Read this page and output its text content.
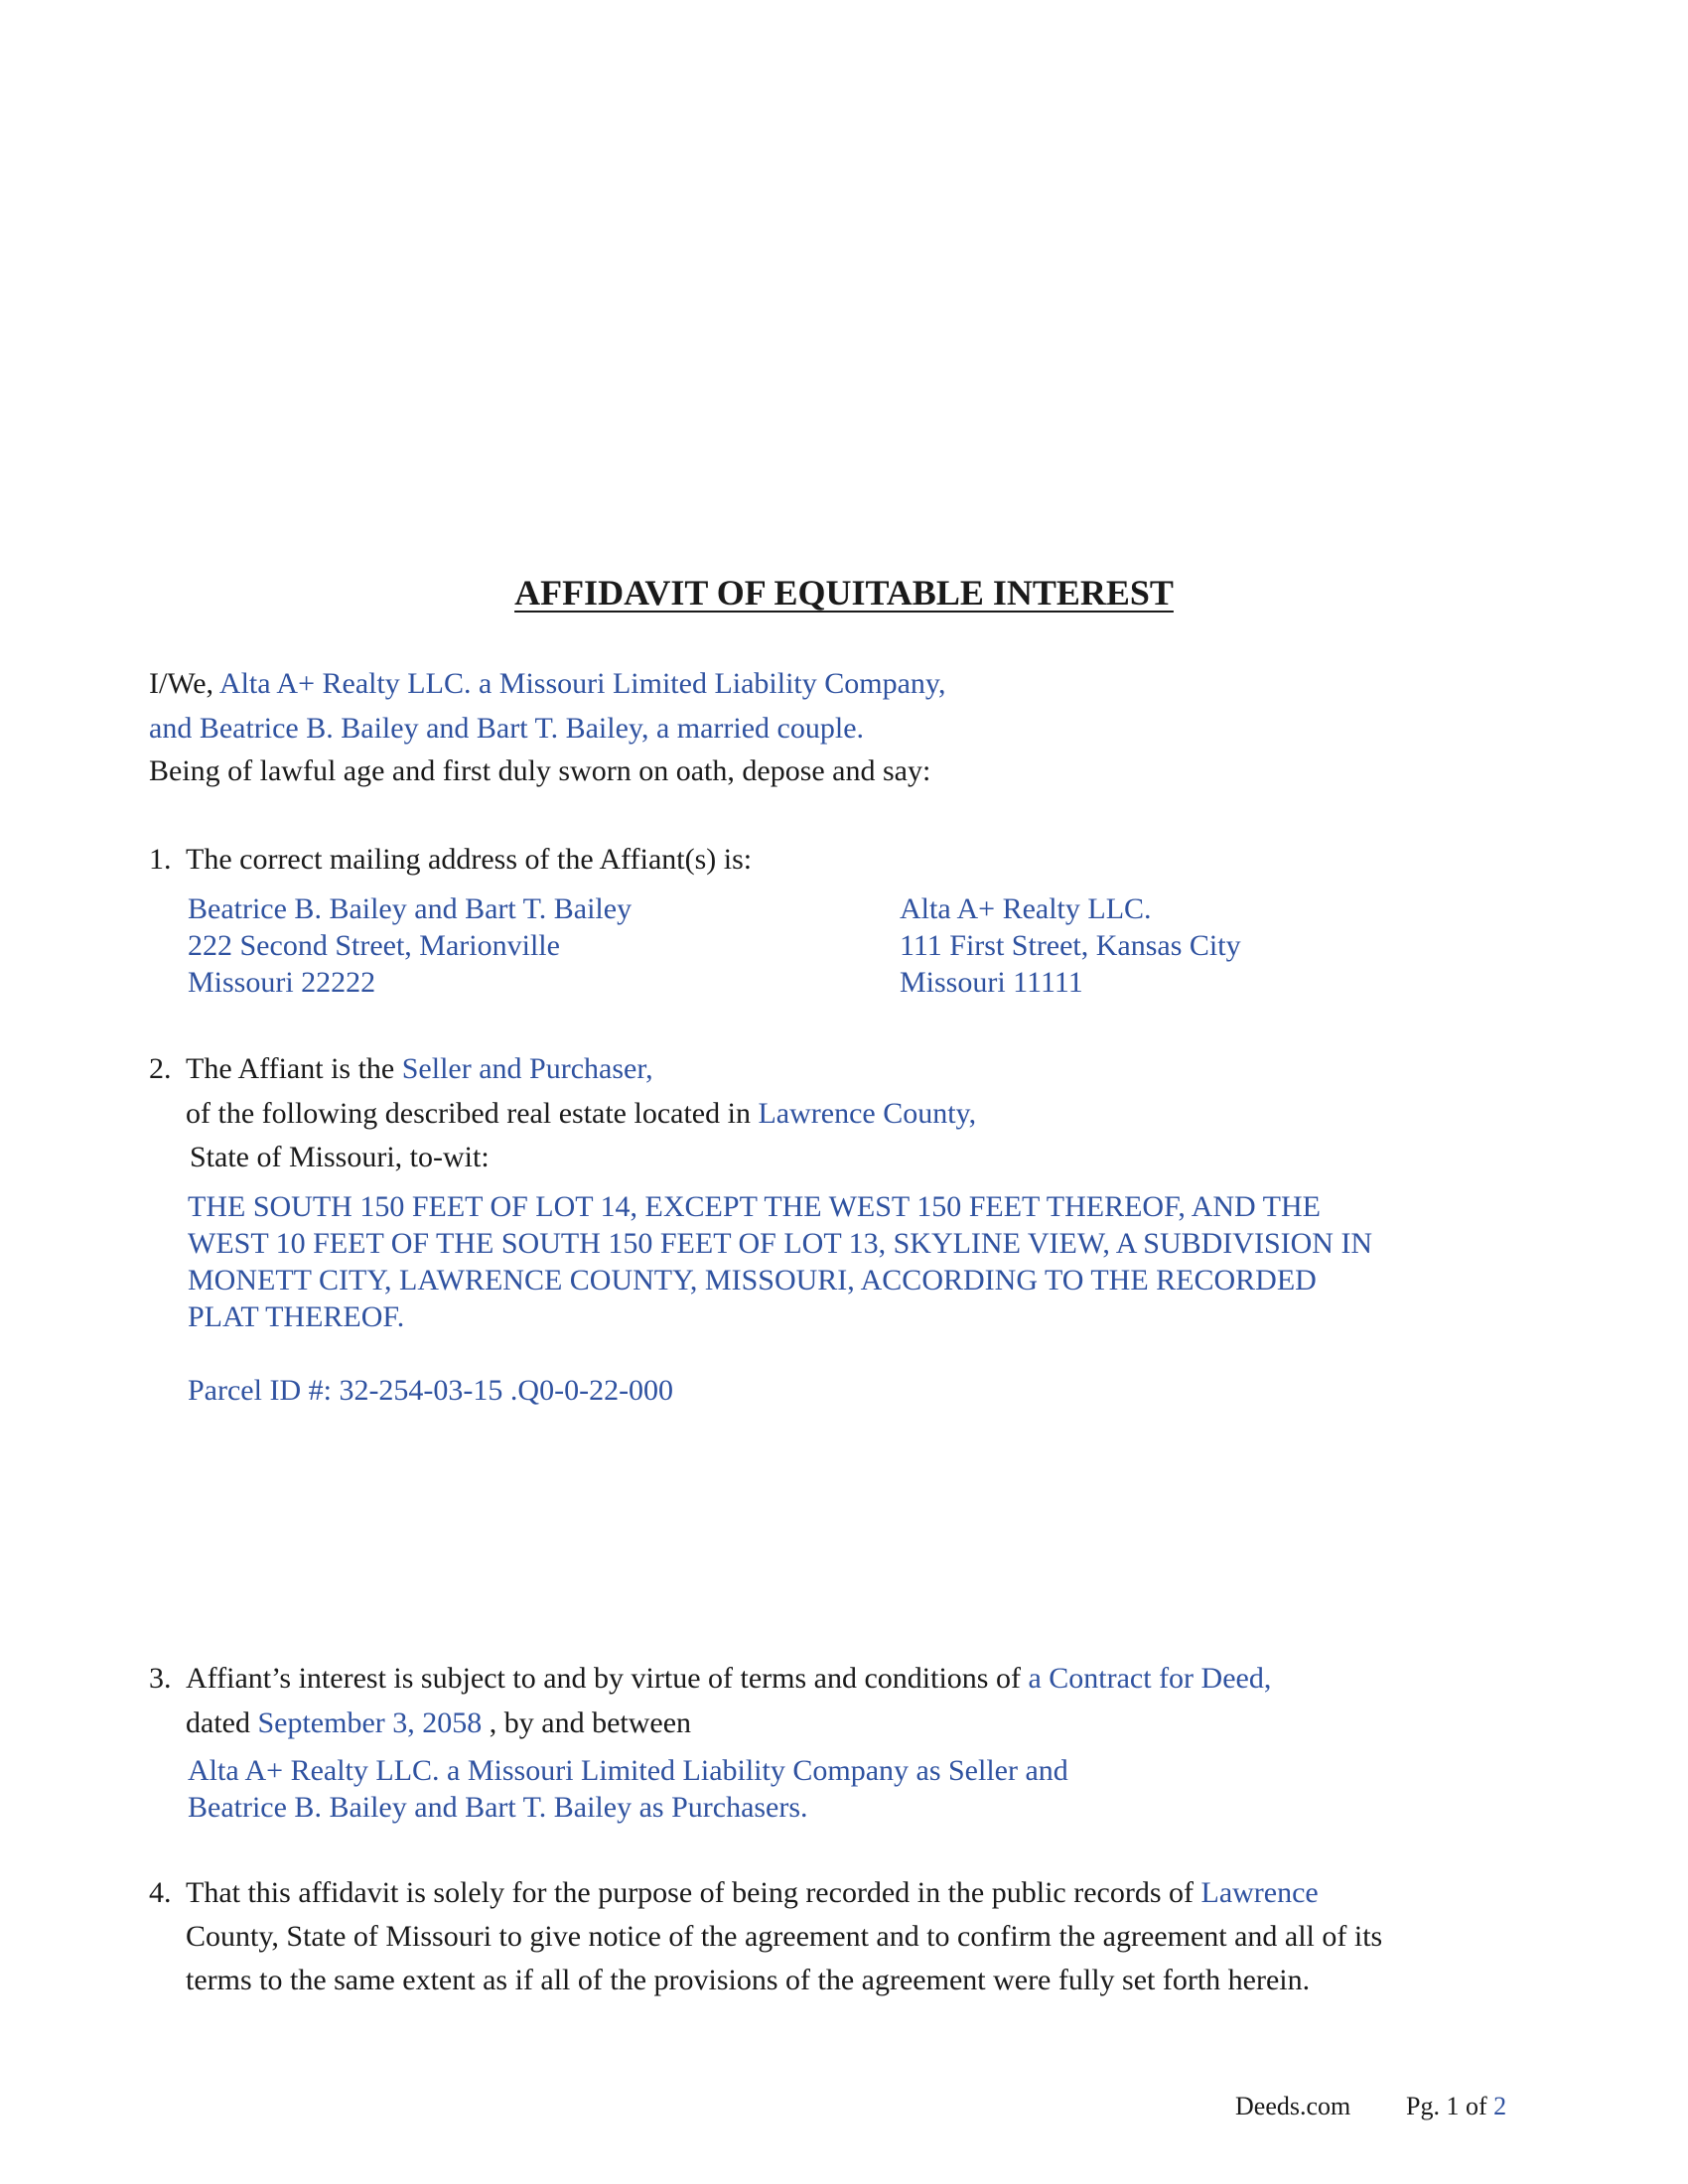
AFFIDAVIT OF EQUITABLE INTEREST
I/We, Alta A+ Realty LLC. a Missouri Limited Liability Company,
and Beatrice B. Bailey and Bart T. Bailey, a married couple.
Being of lawful age and first duly sworn on oath, depose and say:
1. The correct mailing address of the Affiant(s) is:
Beatrice B. Bailey and Bart T. Bailey
222 Second Street, Marionville
Missouri 22222
Alta A+ Realty LLC.
111 First Street, Kansas City
Missouri 11111
2. The Affiant is the Seller and Purchaser,
of the following described real estate located in Lawrence County,
State of Missouri, to-wit:
THE SOUTH 150 FEET OF LOT 14, EXCEPT THE WEST 150 FEET THEREOF, AND THE
WEST 10 FEET OF THE SOUTH 150 FEET OF LOT 13, SKYLINE VIEW, A SUBDIVISION IN
MONETT CITY, LAWRENCE COUNTY, MISSOURI, ACCORDING TO THE RECORDED
PLAT THEREOF.
Parcel ID #: 32-254-03-15 .Q0-0-22-000
3. Affiant’s interest is subject to and by virtue of terms and conditions of a Contract for Deed,
dated September 3, 2058 , by and between
Alta A+ Realty LLC. a Missouri Limited Liability Company as Seller and
Beatrice B. Bailey and Bart T. Bailey as Purchasers.
4. That this affidavit is solely for the purpose of being recorded in the public records of Lawrence
County, State of Missouri to give notice of the agreement and to confirm the agreement and all of its
terms to the same extent as if all of the provisions of the agreement were fully set forth herein.
Deeds.com Pg. 1 of 2
